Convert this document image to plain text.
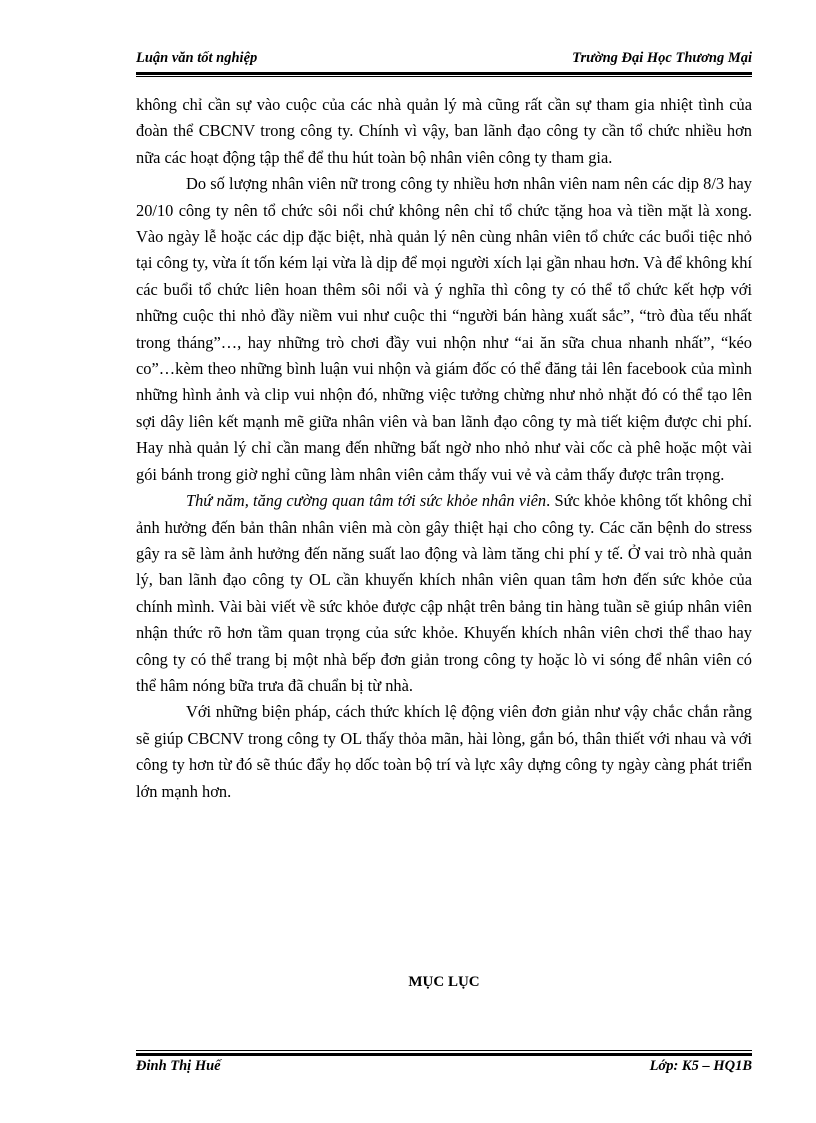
Luận văn tốt nghiệp	Trường Đại Học Thương Mại

không chỉ cần sự vào cuộc của các nhà quản lý mà cũng rất cần sự tham gia nhiệt tình của đoàn thể CBCNV trong công ty. Chính vì vậy, ban lãnh đạo công ty cần tổ chức nhiều hơn nữa các hoạt động tập thể để thu hút toàn bộ nhân viên công ty tham gia.

Do số lượng nhân viên nữ trong công ty nhiều hơn nhân viên nam nên các dịp 8/3 hay 20/10 công ty nên tổ chức sôi nổi chứ không nên chỉ tổ chức tặng hoa và tiền mặt là xong. Vào ngày lễ hoặc các dịp đặc biệt, nhà quản lý nên cùng nhân viên tổ chức các buổi tiệc nhỏ tại công ty, vừa ít tốn kém lại vừa là dịp để mọi người xích lại gần nhau hơn. Và để không khí các buổi tổ chức liên hoan thêm sôi nổi và ý nghĩa thì công ty có thể tổ chức kết hợp với những cuộc thi nhỏ đầy niềm vui như cuộc thi “người bán hàng xuất sắc”, “trò đùa tếu nhất trong tháng”…, hay những trò chơi đầy vui nhộn như “ai ăn sữa chua nhanh nhất”, “kéo co”…kèm theo những bình luận vui nhộn và giám đốc có thể đăng tải lên facebook của mình những hình ảnh và clip vui nhộn đó, những việc tưởng chừng như nhỏ nhặt đó có thể tạo lên sợi dây liên kết mạnh mẽ giữa nhân viên và ban lãnh đạo công ty mà tiết kiệm được chi phí. Hay nhà quản lý chỉ cần mang đến những bất ngờ nho nhỏ như vài cốc cà phê hoặc một vài gói bánh trong giờ nghỉ cũng làm nhân viên cảm thấy vui vẻ và cảm thấy được trân trọng.

Thứ năm, tăng cường quan tâm tới sức khỏe nhân viên. Sức khỏe không tốt không chỉ ảnh hưởng đến bản thân nhân viên mà còn gây thiệt hại cho công ty. Các căn bệnh do stress gây ra sẽ làm ảnh hưởng đến năng suất lao động và làm tăng chi phí y tế. Ở vai trò nhà quản lý, ban lãnh đạo công ty OL cần khuyến khích nhân viên quan tâm hơn đến sức khỏe của chính mình. Vài bài viết về sức khỏe được cập nhật trên bảng tin hàng tuần sẽ giúp nhân viên nhận thức rõ hơn tầm quan trọng của sức khỏe. Khuyến khích nhân viên chơi thể thao hay công ty có thể trang bị một nhà bếp đơn giản trong công ty hoặc lò vi sóng để nhân viên có thể hâm nóng bữa trưa đã chuẩn bị từ nhà.

Với những biện pháp, cách thức khích lệ động viên đơn giản như vậy chắc chắn rằng sẽ giúp CBCNV trong công ty OL thấy thỏa mãn, hài lòng, gắn bó, thân thiết với nhau và với công ty hơn từ đó sẽ thúc đẩy họ dốc toàn bộ trí và lực xây dựng công ty ngày càng phát triển lớn mạnh hơn.

MỤC LỤC
Đinh Thị Huế	Lớp: K5 – HQ1B
